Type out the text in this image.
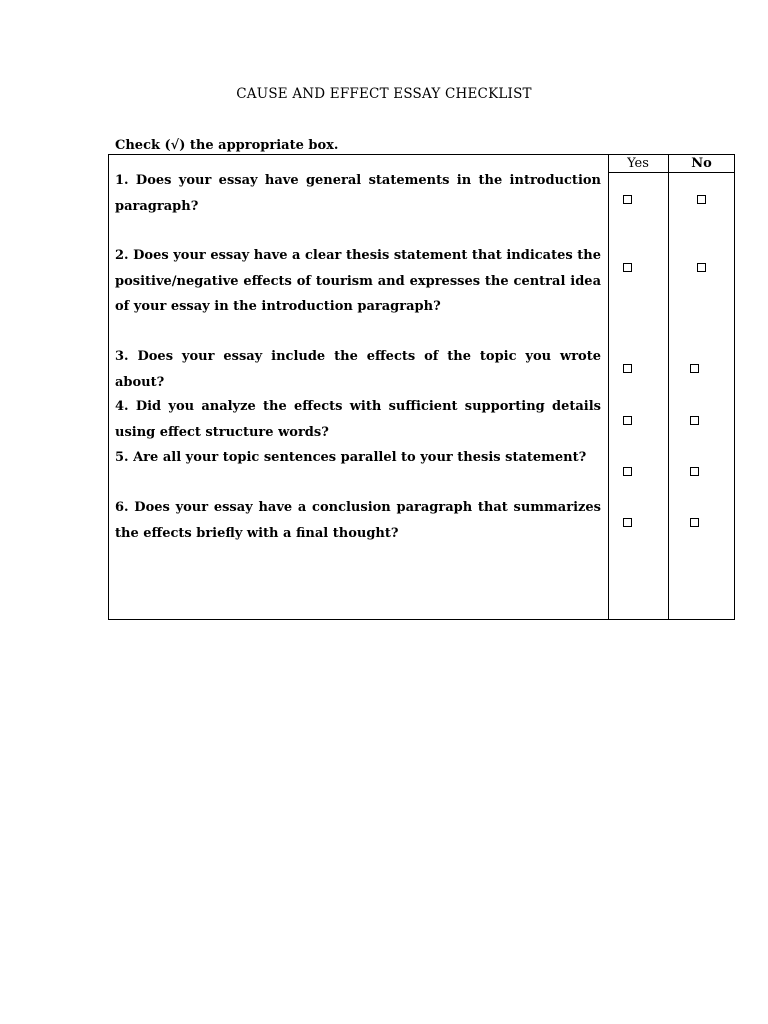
CAUSE AND EFFECT ESSAY CHECKLIST
Check (√) the appropriate box.
Yes	No
1. Does your essay have general statements in the introduction paragraph?
2. Does your essay have a clear thesis statement that indicates the positive/negative effects of tourism and expresses the central idea of your essay in the introduction paragraph?
3. Does your essay include the effects of the topic you wrote about?
4. Did you analyze the effects with sufficient supporting details using effect structure words?
5. Are all your topic sentences parallel to your thesis statement?
6. Does your essay have a conclusion paragraph that summarizes the effects briefly with a final thought?
